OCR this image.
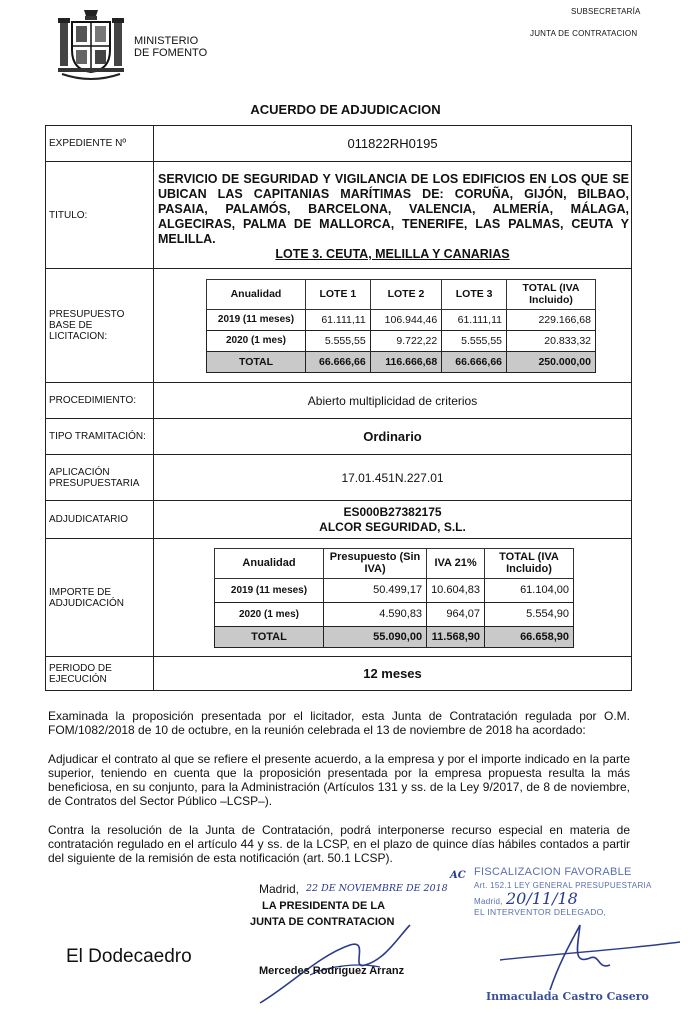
MINISTERIO
DE FOMENTO
SUBSECRETARÍA
JUNTA DE CONTRATACION
ACUERDO DE ADJUDICACION
EXPEDIENTE Nº	011822RH0195
TITULO:	
SERVICIO DE SEGURIDAD Y VIGILANCIA DE LOS EDIFICIOS EN LOS QUE SE UBICAN LAS CAPITANIAS MARÍTIMAS DE: CORUÑA, GIJÓN, BILBAO, PASAIA, PALAMÓS, BARCELONA, VALENCIA, ALMERÍA, MÁLAGA, ALGECIRAS, PALMA DE MALLORCA, TENERIFE, LAS PALMAS, CEUTA Y MELILLA.
LOTE 3. CEUTA, MELILLA Y CANARIAS

PRESUPUESTO BASE DE LICITACION:	
Anualidad	LOTE 1	LOTE 2	LOTE 3	TOTAL (IVA Incluido)
2019 (11 meses)	61.111,11	106.944,46	61.111,11	229.166,68
2020 (1 mes)	5.555,55	9.722,22	5.555,55	20.833,32
TOTAL	66.666,66	116.666,68	66.666,66	250.000,00

PROCEDIMIENTO:	Abierto multiplicidad de criterios
TIPO TRAMITACIÓN:	Ordinario
APLICACIÓN PRESUPUESTARIA	17.01.451N.227.01
ADJUDICATARIO	
ES000B27382175
ALCOR SEGURIDAD, S.L.

IMPORTE DE ADJUDICACIÓN	
Anualidad	Presupuesto (Sin IVA)	IVA 21%	TOTAL (IVA Incluido)
2019 (11 meses)	50.499,17	10.604,83	61.104,00
2020 (1 mes)	4.590,83	964,07	5.554,90
TOTAL	55.090,00	11.568,90	66.658,90

PERIODO DE EJECUCIÓN	12 meses
Examinada la proposición presentada por el licitador, esta Junta de Contratación regulada por O.M. FOM/1082/2018 de 10 de octubre, en la reunión celebrada el 13 de noviembre de 2018 ha acordado:
Adjudicar el contrato al que se refiere el presente acuerdo, a la empresa y por el importe indicado en la parte superior, teniendo en cuenta que la proposición presentada por la empresa propuesta resulta la más beneficiosa, en su conjunto, para la Administración (Artículos 131 y ss. de la Ley 9/2017, de 8 de noviembre, de Contratos del Sector Público –LCSP–).
Contra la resolución de la Junta de Contratación, podrá interponerse recurso especial en materia de contratación regulado en el artículo 44 y ss. de la LCSP, en el plazo de quince días hábiles contados a partir del siguiente de la remisión de esta notificación (art. 50.1 LCSP).
Madrid, 22 DE NOVIEMBRE DE 2018
LA PRESIDENTA DE LA
JUNTA DE CONTRATACION
Mercedes Rodríguez Arranz
AC FISCALIZACION FAVORABLE
Art. 152.1 LEY GENERAL PRESUPUESTARIA
Madrid, 20/11/18
EL INTERVENTOR DELEGADO,
Inmaculada Castro Casero
El Dodecaedro
